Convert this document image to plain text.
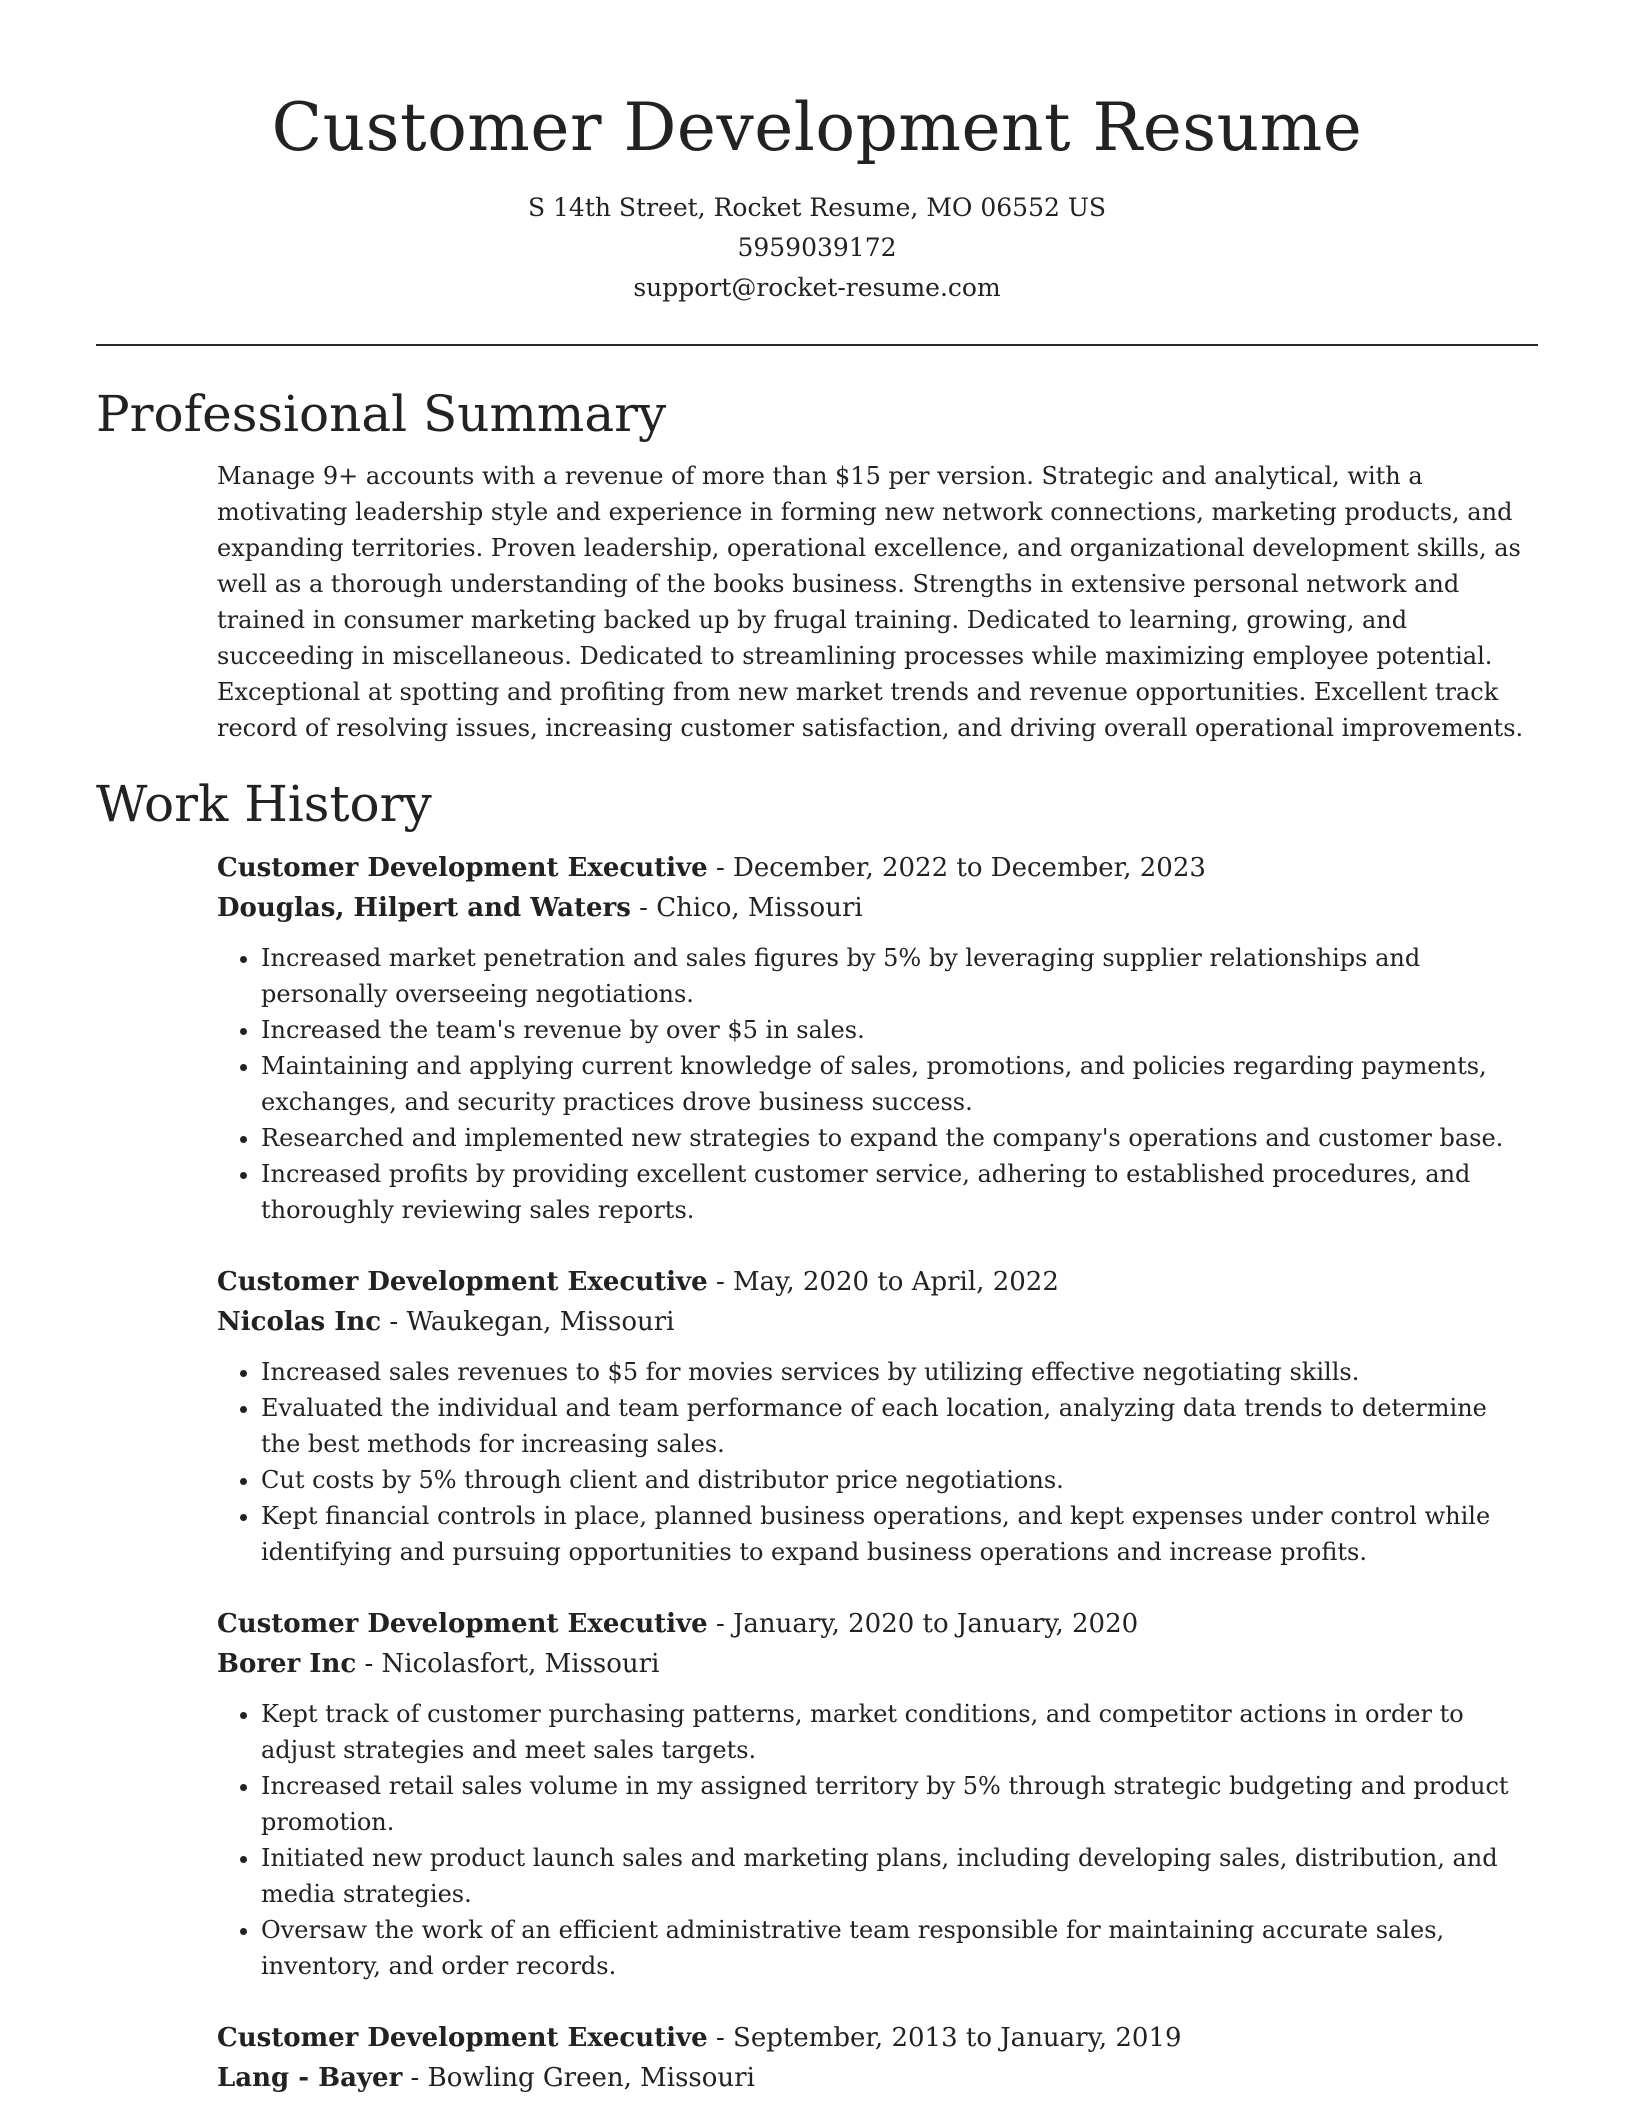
Customer Development Resume
S 14th Street, Rocket Resume, MO 06552 US
5959039172
support@rocket-resume.com
Professional Summary
Manage 9+ accounts with a revenue of more than $15 per version. Strategic and analytical, with a motivating leadership style and experience in forming new network connections, marketing products, and expanding territories. Proven leadership, operational excellence, and organizational development skills, as well as a thorough understanding of the books business. Strengths in extensive personal network and trained in consumer marketing backed up by frugal training. Dedicated to learning, growing, and succeeding in miscellaneous. Dedicated to streamlining processes while maximizing employee potential. Exceptional at spotting and profiting from new market trends and revenue opportunities. Excellent track record of resolving issues, increasing customer satisfaction, and driving overall operational improvements.
Work History
Customer Development Executive - December, 2022 to December, 2023
Douglas, Hilpert and Waters - Chico, Missouri
• Increased market penetration and sales figures by 5% by leveraging supplier relationships and personally overseeing negotiations.
• Increased the team's revenue by over $5 in sales.
• Maintaining and applying current knowledge of sales, promotions, and policies regarding payments, exchanges, and security practices drove business success.
• Researched and implemented new strategies to expand the company's operations and customer base.
• Increased profits by providing excellent customer service, adhering to established procedures, and thoroughly reviewing sales reports.
Customer Development Executive - May, 2020 to April, 2022
Nicolas Inc - Waukegan, Missouri
• Increased sales revenues to $5 for movies services by utilizing effective negotiating skills.
• Evaluated the individual and team performance of each location, analyzing data trends to determine the best methods for increasing sales.
• Cut costs by 5% through client and distributor price negotiations.
• Kept financial controls in place, planned business operations, and kept expenses under control while identifying and pursuing opportunities to expand business operations and increase profits.
Customer Development Executive - January, 2020 to January, 2020
Borer Inc - Nicolasfort, Missouri
• Kept track of customer purchasing patterns, market conditions, and competitor actions in order to adjust strategies and meet sales targets.
• Increased retail sales volume in my assigned territory by 5% through strategic budgeting and product promotion.
• Initiated new product launch sales and marketing plans, including developing sales, distribution, and media strategies.
• Oversaw the work of an efficient administrative team responsible for maintaining accurate sales, inventory, and order records.
Customer Development Executive - September, 2013 to January, 2019
Lang - Bayer - Bowling Green, Missouri
